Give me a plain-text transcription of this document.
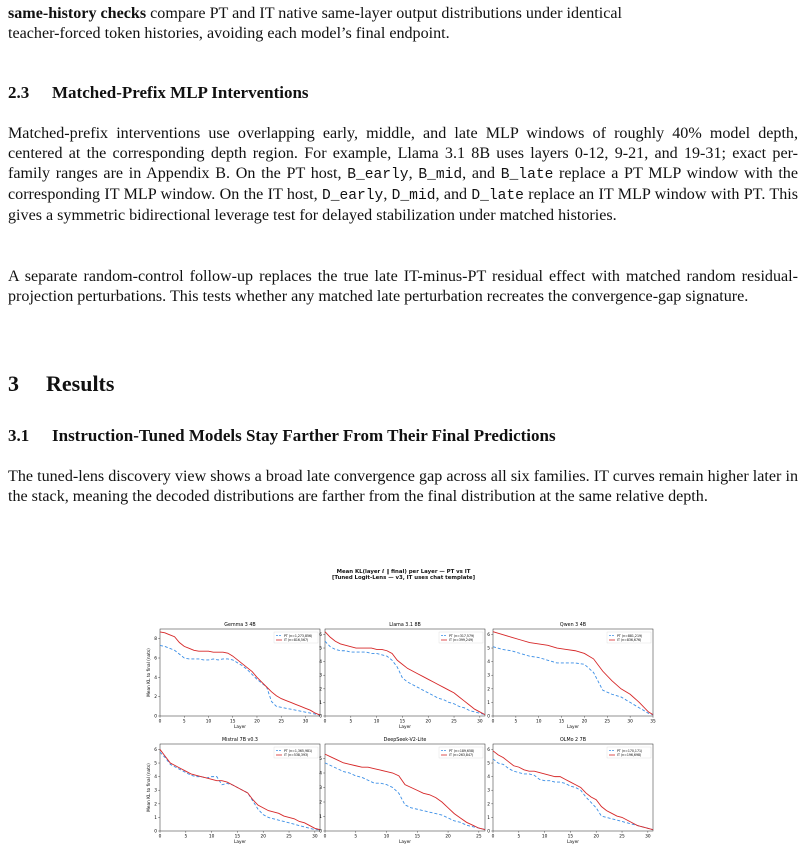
same-history checks compare PT and IT native same-layer output distributions under identical
teacher-forced token histories, avoiding each model’s final endpoint.

2.3 Matched-Prefix MLP Interventions

Matched-prefix interventions use overlapping early, middle, and late MLP windows of roughly 40% model depth, centered at the corresponding depth region. For example, Llama 3.1 8B uses layers 0-12, 9-21, and 19-31; exact per-family ranges are in Appendix B. On the PT host, B_early, B_mid, and B_late replace a PT MLP window with the corresponding IT MLP window. On the IT host, D_early, D_mid, and D_late replace an IT MLP window with PT. This gives a symmetric bidirectional leverage test for delayed stabilization under matched histories.

A separate random-control follow-up replaces the true late IT-minus-PT residual effect with matched random residual-projection perturbations. This tests whether any matched late perturbation recreates the convergence-gap signature.

3 Results
3.1 Instruction-Tuned Models Stay Farther From Their Final Predictions

The tuned-lens discovery view shows a broad late convergence gap across all six families. IT curves remain higher later in the stack, meaning the decoded distributions are farther from the final distribution at the same relative depth.

Mean KL(layer ℓ ‖ final) per Layer — PT vs IT
[Tuned Logit-Lens — v3, IT uses chat template]
Gemma 3 4B
0	5	10	15	20	25	30
0
2
4
6
8
Layer
Mean KL to final (nats)
PT (n=1,273,856)
IT (n=816,567)
Llama 3.1 8B
0	5	10	15	20	25	30
0
1
2
3
4
5
6
Layer
PT (n=317,579)
IT (n=399,249)
Qwen 3 4B
0	5	10	15	20	25	30	35
0
1
2
3
4
5
6
Layer
PT (n=881,219)
IT (n=836,676)
Mistral 7B v0.3
0	5	10	15	20	25	30
0
1
2
3
4
5
6
Layer
Mean KL to final (nats)
PT (n=1,365,981)
IT (n=538,393)
DeepSeek-V2-Lite
0	5	10	15	20	25
0
1
2
3
4
5
Layer
PT (n=189,658)
IT (n=263,847)
OLMo 2 7B
0	5	10	15	20	25	30
0
1
2
3
4
5
6
Layer
PT (n=170,171)
IT (n=196,698)
